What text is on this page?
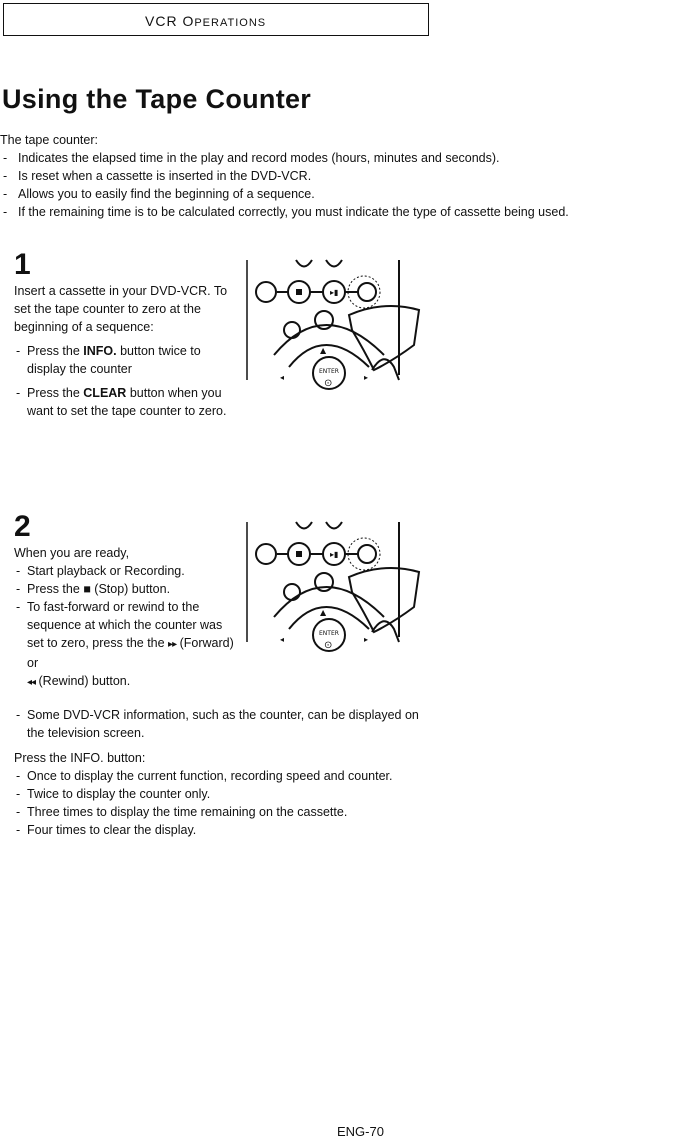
VCR OPERATIONS
Using the Tape Counter

The tape counter:

- Indicates the elapsed time in the play and record modes (hours, minutes and seconds).
- Is reset when a cassette is inserted in the DVD-VCR.
- Allows you to easily find the beginning of a sequence.
- If the remaining time is to be calculated correctly, you must indicate the type of cassette being used.
1

Insert a cassette in your DVD-VCR. To set the tape counter to zero at the beginning of a sequence:

- Press the INFO. button twice to display the counter
- Press the CLEAR button when you want to set the tape counter to zero.
▸▮
▲
◂	▸
ENTER
⊙
2

When you are ready,

- Start playback or Recording.
- Press the ■ (Stop) button.
- To fast-forward or rewind to the sequence at which the counter was set to zero, press the the ▸▸ (Forward) or
◂◂ (Rewind) button.
▸▮
▲
◂	▸
ENTER
⊙
- Some DVD-VCR information, such as the counter, can be displayed on the television screen.

Press the INFO. button:

- Once to display the current function, recording speed and counter.
- Twice to display the counter only.
- Three times to display the time remaining on the cassette.
- Four times to clear the display.
ENG-70
